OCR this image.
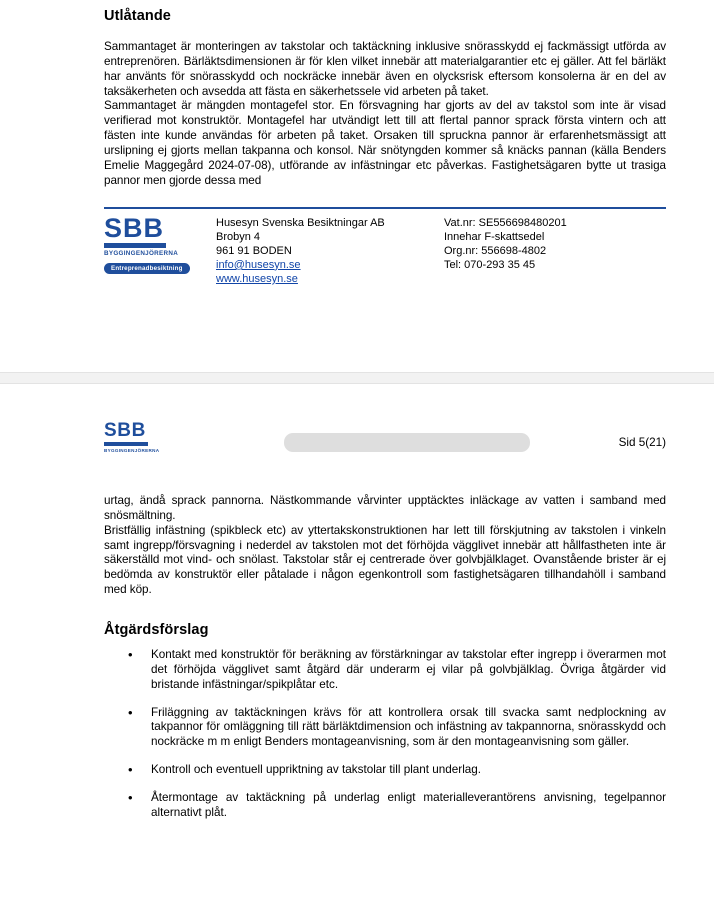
Utlåtande

Sammantaget är monteringen av takstolar och taktäckning inklusive snörasskydd ej fackmässigt utförda av entreprenören. Bärläktsdimensionen är för klen vilket innebär att materialgarantier etc ej gäller. Att fel bärläkt har använts för snörasskydd och nockräcke innebär även en olycksrisk eftersom konsolerna är en del av taksäkerheten och avsedda att fästa en säkerhetssele vid arbeten på taket.

Sammantaget är mängden montagefel stor. En försvagning har gjorts av del av takstol som inte är visad verifierad mot konstruktör. Montagefel har utvändigt lett till att flertal pannor sprack första vintern och att fästen inte kunde användas för arbeten på taket. Orsaken till spruckna pannor är erfarenhetsmässigt att urslipning ej gjorts mellan takpanna och konsol. När snötyngden kommer så knäcks pannan (källa Benders Emelie Maggegård 2024-07-08), utförande av infästningar etc påverkas. Fastighetsägaren bytte ut trasiga pannor men gjorde dessa med

SBB
BYGGINGENJÖRERNA
Entreprenadbesiktning
Husesyn Svenska Besiktningar AB
Brobyn 4
961 91 BODEN
info@husesyn.se
www.husesyn.se
Vat.nr: SE556698480201
Innehar F-skattsedel
Org.nr: 556698-4802
Tel: 070-293 35 45
SBB
BYGGINGENJÖRERNA
Sid 5(21)

urtag, ändå sprack pannorna. Nästkommande vårvinter upptäcktes inläckage av vatten i samband med snösmältning.

Bristfällig infästning (spikbleck etc) av yttertakskonstruktionen har lett till förskjutning av takstolen i vinkeln samt ingrepp/försvagning i nederdel av takstolen mot det förhöjda vägglivet innebär att hållfastheten inte är säkerställd mot vind- och snölast. Takstolar står ej centrerade över golvbjälklaget. Ovanstående brister är ej bedömda av konstruktör eller påtalade i någon egenkontroll som fastighetsägaren tillhandahöll i samband med köp.

Åtgärdsförslag
• Kontakt med konstruktör för beräkning av förstärkningar av takstolar efter ingrepp i överarmen mot det förhöjda vägglivet samt åtgärd där underarm ej vilar på golvbjälklag. Övriga åtgärder vid bristande infästningar/spikplåtar etc.
• Friläggning av taktäckningen krävs för att kontrollera orsak till svacka samt nedplockning av takpannor för omläggning till rätt bärläktdimension och infästning av takpannorna, snörasskydd och nockräcke m m enligt Benders montageanvisning, som är den montageanvisning som gäller.
• Kontroll och eventuell uppriktning av takstolar till plant underlag.
• Återmontage av taktäckning på underlag enligt materialleverantörens anvisning, tegelpannor alternativt plåt.
